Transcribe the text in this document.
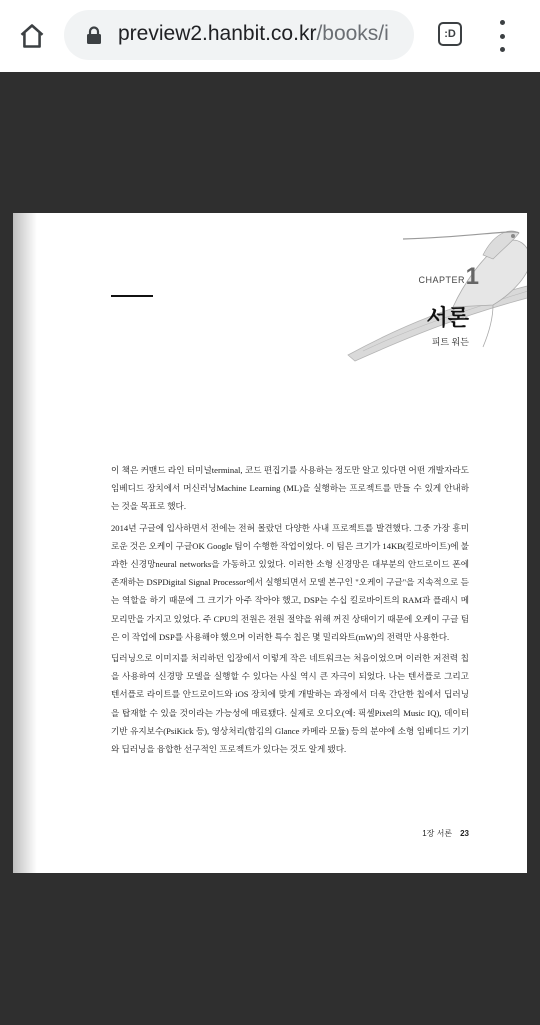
preview2.hanbit.co.kr/books/i	:D
CHAPTER 1
서론
피트 워든

이 책은 커맨드 라인 터미널terminal, 코드 편집기를 사용하는 정도만 알고 있다면 어떤 개발자라도 임베디드 장치에서 머신러닝Machine Learning (ML)을 실행하는 프로젝트를 만들 수 있게 안내하는 것을 목표로 했다.

2014년 구글에 입사하면서 전에는 전혀 몰랐던 다양한 사내 프로젝트를 발견했다. 그중 가장 흥미로운 것은 오케이 구글OK Google 팀이 수행한 작업이었다. 이 팀은 크기가 14KB(킬로바이트)에 불과한 신경망neural networks을 가동하고 있었다. 이러한 소형 신경망은 대부분의 안드로이드 폰에 존재하는 DSPDigital Signal Processor에서 실행되면서 모델 본구인 "오케이 구글"을 지속적으로 듣는 역할을 하기 때문에 그 크기가 아주 작아야 했고, DSP는 수십 킬로바이트의 RAM과 플래시 메모리만을 가지고 있었다. 주 CPU의 전원은 전원 절약을 위해 꺼진 상태이기 때문에 오케이 구글 팀은 이 작업에 DSP를 사용해야 했으며 이러한 특수 칩은 몇 밀리와트(mW)의 전력만 사용한다.

딥러닝으로 이미지를 처리하던 입장에서 이렇게 작은 네트워크는 처음이었으며 이러한 저전력 칩을 사용하여 신경망 모델을 실행할 수 있다는 사실 역시 큰 자극이 되었다. 나는 텐서플로 그리고 텐서플로 라이트를 안드로이드와 iOS 장치에 맞게 개발하는 과정에서 더욱 간단한 칩에서 딥러닝을 탑재할 수 있을 것이라는 가능성에 매료됐다. 실제로 오디오(예: 픽셀Pixel의 Music IQ), 데이터 기반 유지보수(PsiKick 등), 영상처리(함김의 Glance 카메라 모듈) 등의 분야에 소형 임베디드 기기와 딥러닝을 융합한 선구적인 프로젝트가 있다는 것도 알게 됐다.

1장 서론 23
